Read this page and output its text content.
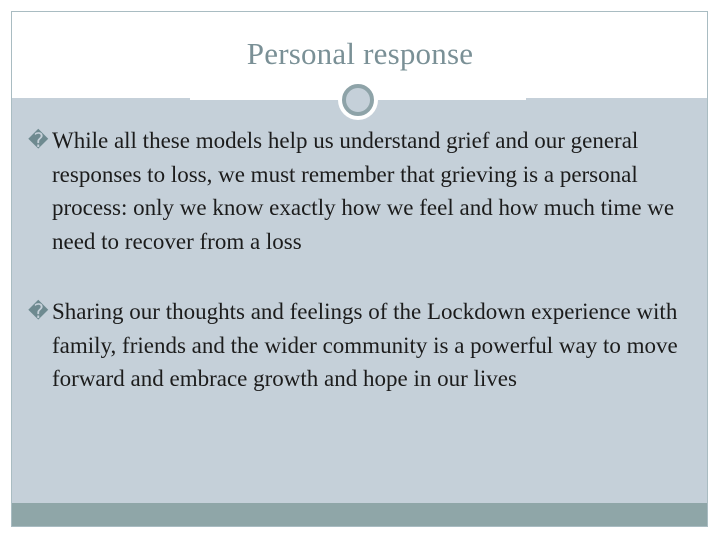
Personal response
� While all these models help us understand grief and our general responses to loss, we must remember that grieving is a personal process: only we know exactly how we feel and how much time we need to recover from a loss
� Sharing our thoughts and feelings of the Lockdown experience with family, friends and the wider community is a powerful way to move forward and embrace growth and hope in our lives
